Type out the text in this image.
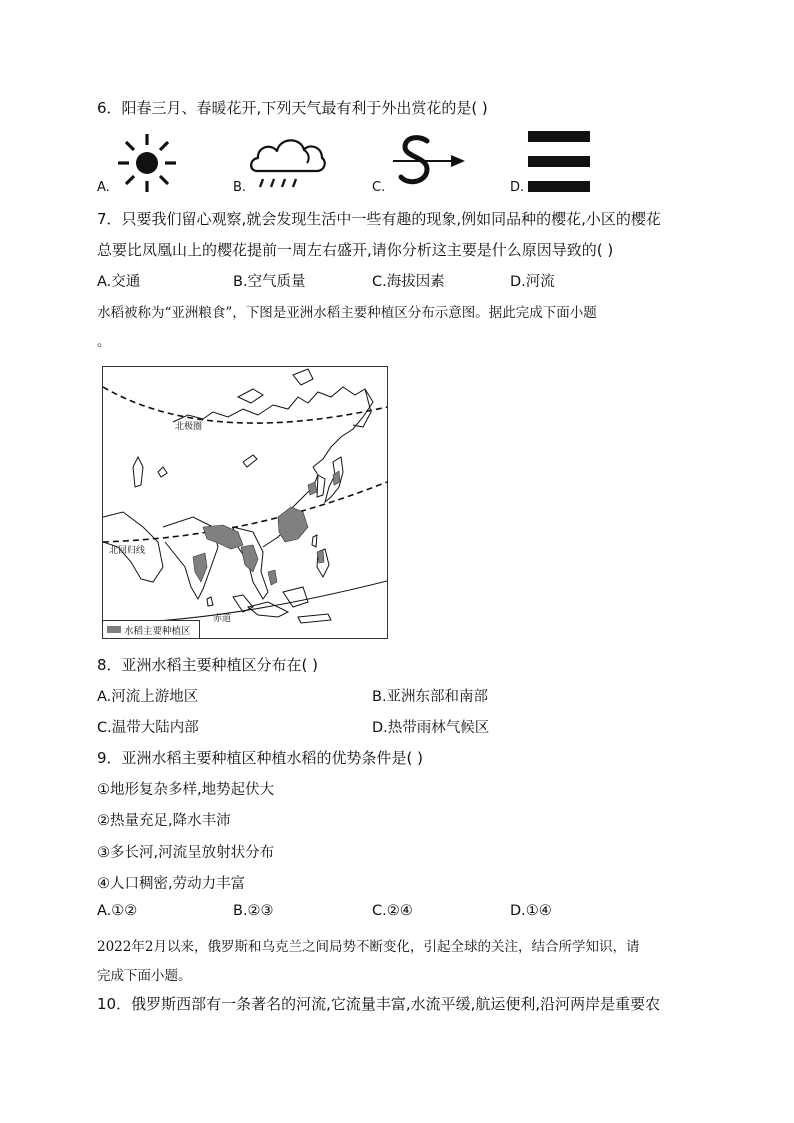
6．阳春三月、春暖花开,下列天气最有利于外出赏花的是( )
A.	B.	C.	D.
7．只要我们留心观察,就会发现生活中一些有趣的现象,例如同品种的樱花,小区的樱花
总要比凤凰山上的樱花提前一周左右盛开,请你分析这主要是什么原因导致的( )
A.交通	B.空气质量	C.海拔因素	D.河流
水稻被称为“亚洲粮食”，下图是亚洲水稻主要种植区分布示意图。据此完成下面小题
。
北极圈
北回归线
赤道
水稻主要种植区
8．亚洲水稻主要种植区分布在( )
A.河流上游地区	B.亚洲东部和南部
C.温带大陆内部	D.热带雨林气候区
9．亚洲水稻主要种植区种植水稻的优势条件是( )
①地形复杂多样,地势起伏大
②热量充足,降水丰沛
③多长河,河流呈放射状分布
④人口稠密,劳动力丰富
A.①②	B.②③	C.②④	D.①④
2022年2月以来，俄罗斯和乌克兰之间局势不断变化，引起全球的关注，结合所学知识，请
完成下面小题。
10．俄罗斯西部有一条著名的河流,它流量丰富,水流平缓,航运便利,沿河两岸是重要农
